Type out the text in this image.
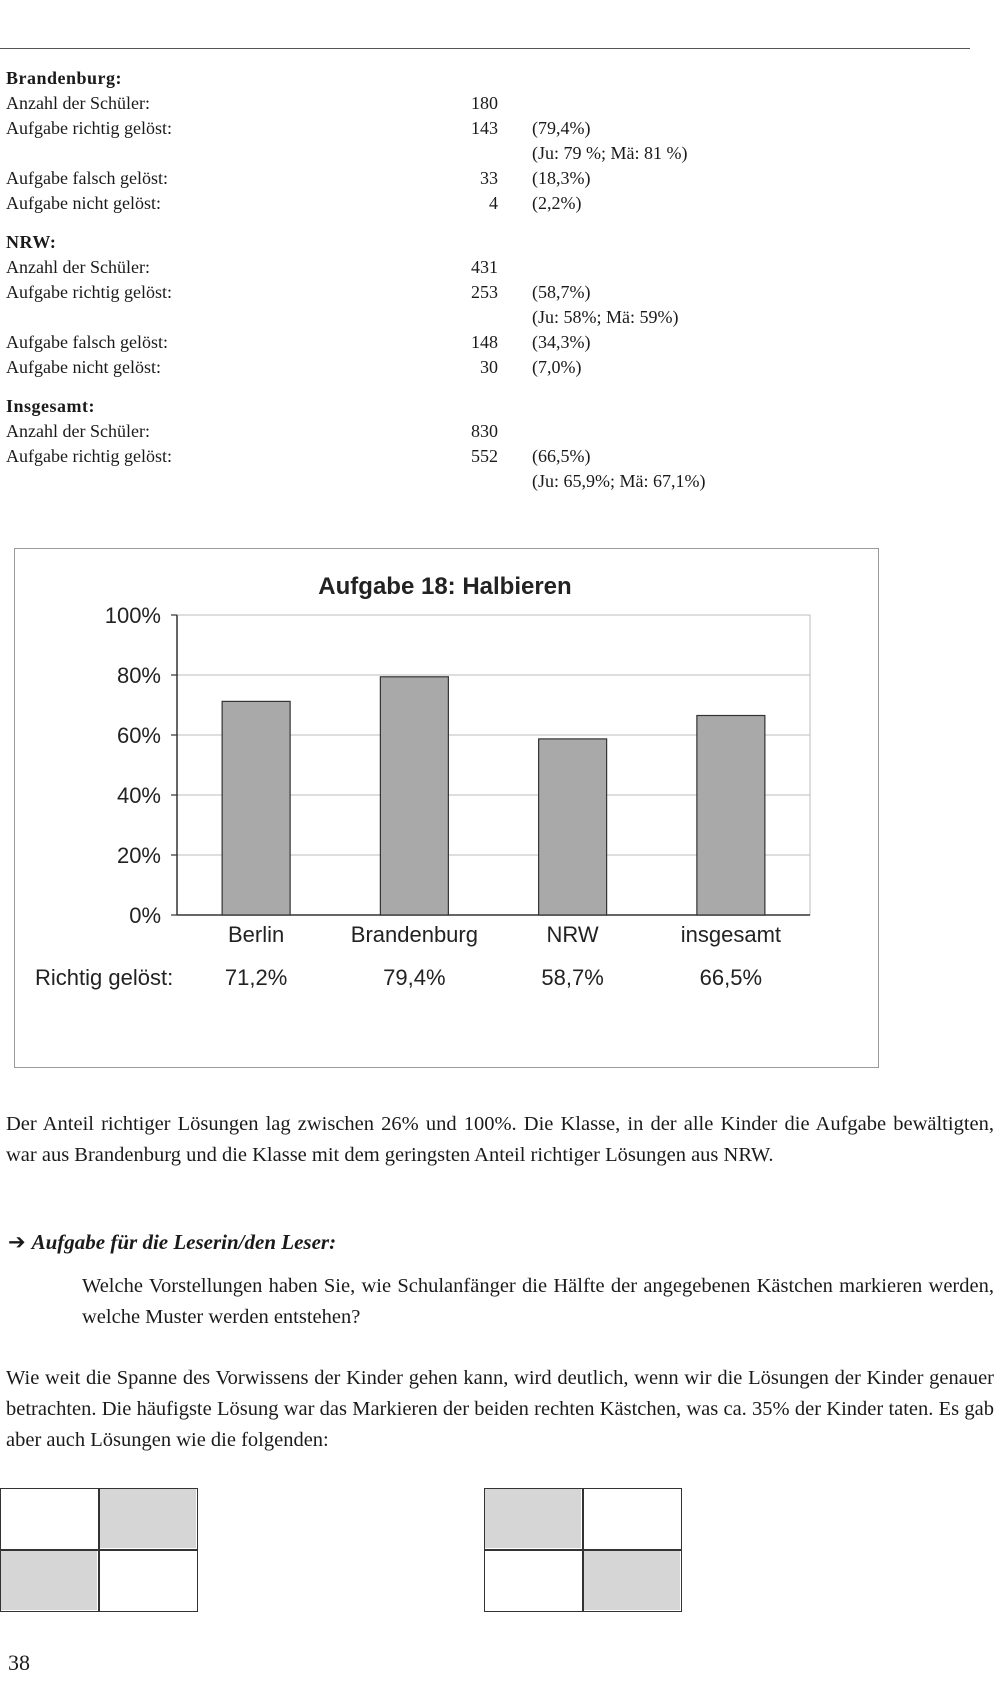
Brandenburg:
Anzahl der Schüler:	180
Aufgabe richtig gelöst:	143 (79,4%)
(Ju: 79 %; Mä: 81 %)
Aufgabe falsch gelöst:	33 (18,3%)
Aufgabe nicht gelöst:	4 (2,2%)
NRW:
Anzahl der Schüler:	431
Aufgabe richtig gelöst:	253 (58,7%)
(Ju: 58%; Mä: 59%)
Aufgabe falsch gelöst:	148 (34,3%)
Aufgabe nicht gelöst:	30 (7,0%)
Insgesamt:
Anzahl der Schüler:	830
Aufgabe richtig gelöst:	552 (66,5%)
(Ju: 65,9%; Mä: 67,1%)
Aufgabe 18: Halbieren
0%
20%
40%
60%
80%
100%
Berlin
71,2%
Brandenburg
79,4%
NRW
58,7%
insgesamt
66,5%
Richtig gelöst:
Der Anteil richtiger Lösungen lag zwischen 26% und 100%. Die Klasse, in der alle Kinder die Aufgabe bewältigten, war aus Brandenburg und die Klasse mit dem geringsten Anteil richtiger Lösungen aus NRW.
➔ Aufgabe für die Leserin/den Leser:
Welche Vorstellungen haben Sie, wie Schulanfänger die Hälfte der angegebenen Kästchen markieren werden, welche Muster werden entstehen?
Wie weit die Spanne des Vorwissens der Kinder gehen kann, wird deutlich, wenn wir die Lösungen der Kinder genauer betrachten. Die häufigste Lösung war das Markieren der beiden rechten Kästchen, was ca. 35% der Kinder taten. Es gab aber auch Lösungen wie die folgenden:
38
